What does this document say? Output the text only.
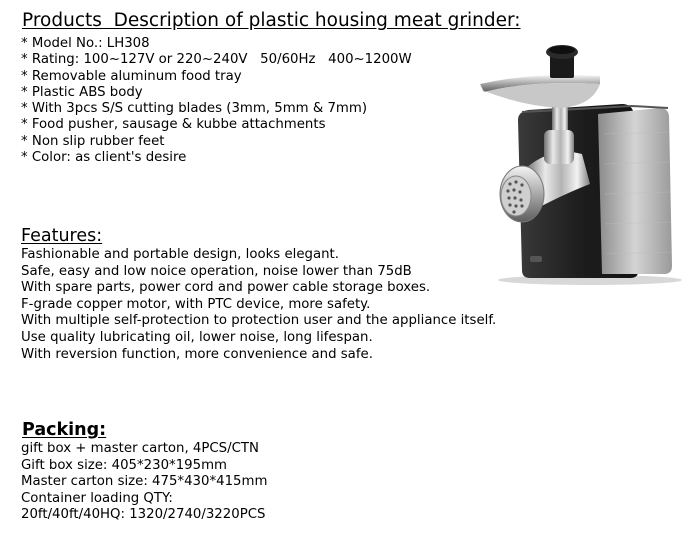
Products  Description of plastic housing meat grinder:
* Model No.: LH308
* Rating: 100~127V or 220~240V   50/60Hz   400~1200W
* Removable aluminum food tray
* Plastic ABS body
* With 3pcs S/S cutting blades (3mm, 5mm & 7mm)
* Food pusher, sausage & kubbe attachments
* Non slip rubber feet
* Color: as client's desire
Features:
Fashionable and portable design, looks elegant.
Safe, easy and low noice operation, noise lower than 75dB
With spare parts, power cord and power cable storage boxes.
F-grade copper motor, with PTC device, more safety.
With multiple self-protection to protection user and the appliance itself.
Use quality lubricating oil, lower noise, long lifespan.
With reversion function, more convenience and safe.
Packing:
gift box + master carton, 4PCS/CTN
Gift box size: 405*230*195mm
Master carton size: 475*430*415mm
Container loading QTY:
20ft/40ft/40HQ: 1320/2740/3220PCS
